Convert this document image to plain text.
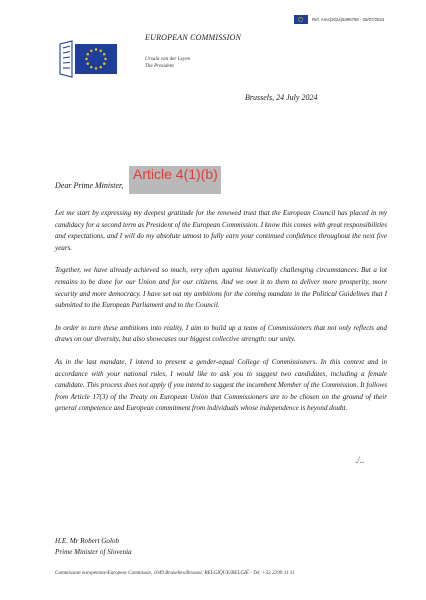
Ref. Ares(2024)5396758 - 25/07/2024
EUROPEAN COMMISSION
Ursula von der Leyen
The President
Brussels, 24 July 2024
Dear Prime Minister,
Article 4(1)(b)

Let me start by expressing my deepest gratitude for the renewed trust that the European Council has placed in my candidacy for a second term as President of the European Commission. I know this comes with great responsibilities and expectations, and I will do my absolute utmost to fully earn your continued confidence throughout the next five years.

Together, we have already achieved so much, very often against historically challenging circumstances. But a lot remains to be done for our Union and for our citizens. And we owe it to them to deliver more prosperity, more security and more democracy. I have set out my ambitions for the coming mandate in the Political Guidelines that I submitted to the European Parliament and to the Council.

In order to turn these ambitions into reality, I aim to build up a team of Commissioners that not only reflects and draws on our diversity, but also showcases our biggest collective strength: our unity.

As in the last mandate, I intend to present a gender-equal College of Commissioners. In this context and in accordance with your national rules, I would like to ask you to suggest two candidates, including a female candidate. This process does not apply if you intend to suggest the incumbent Member of the Commission. It follows from Article 17(3) of the Treaty on European Union that Commissioners are to be chosen on the ground of their general competence and European commitment from individuals whose independence is beyond doubt.

./..
H.E. Mr Robert Golob
Prime Minister of Slovenia
Commission européenne/Europese Commissie, 1049 Bruxelles/Brussel, BELGIQUE/BELGIË - Tel. +32 2299 11 11
